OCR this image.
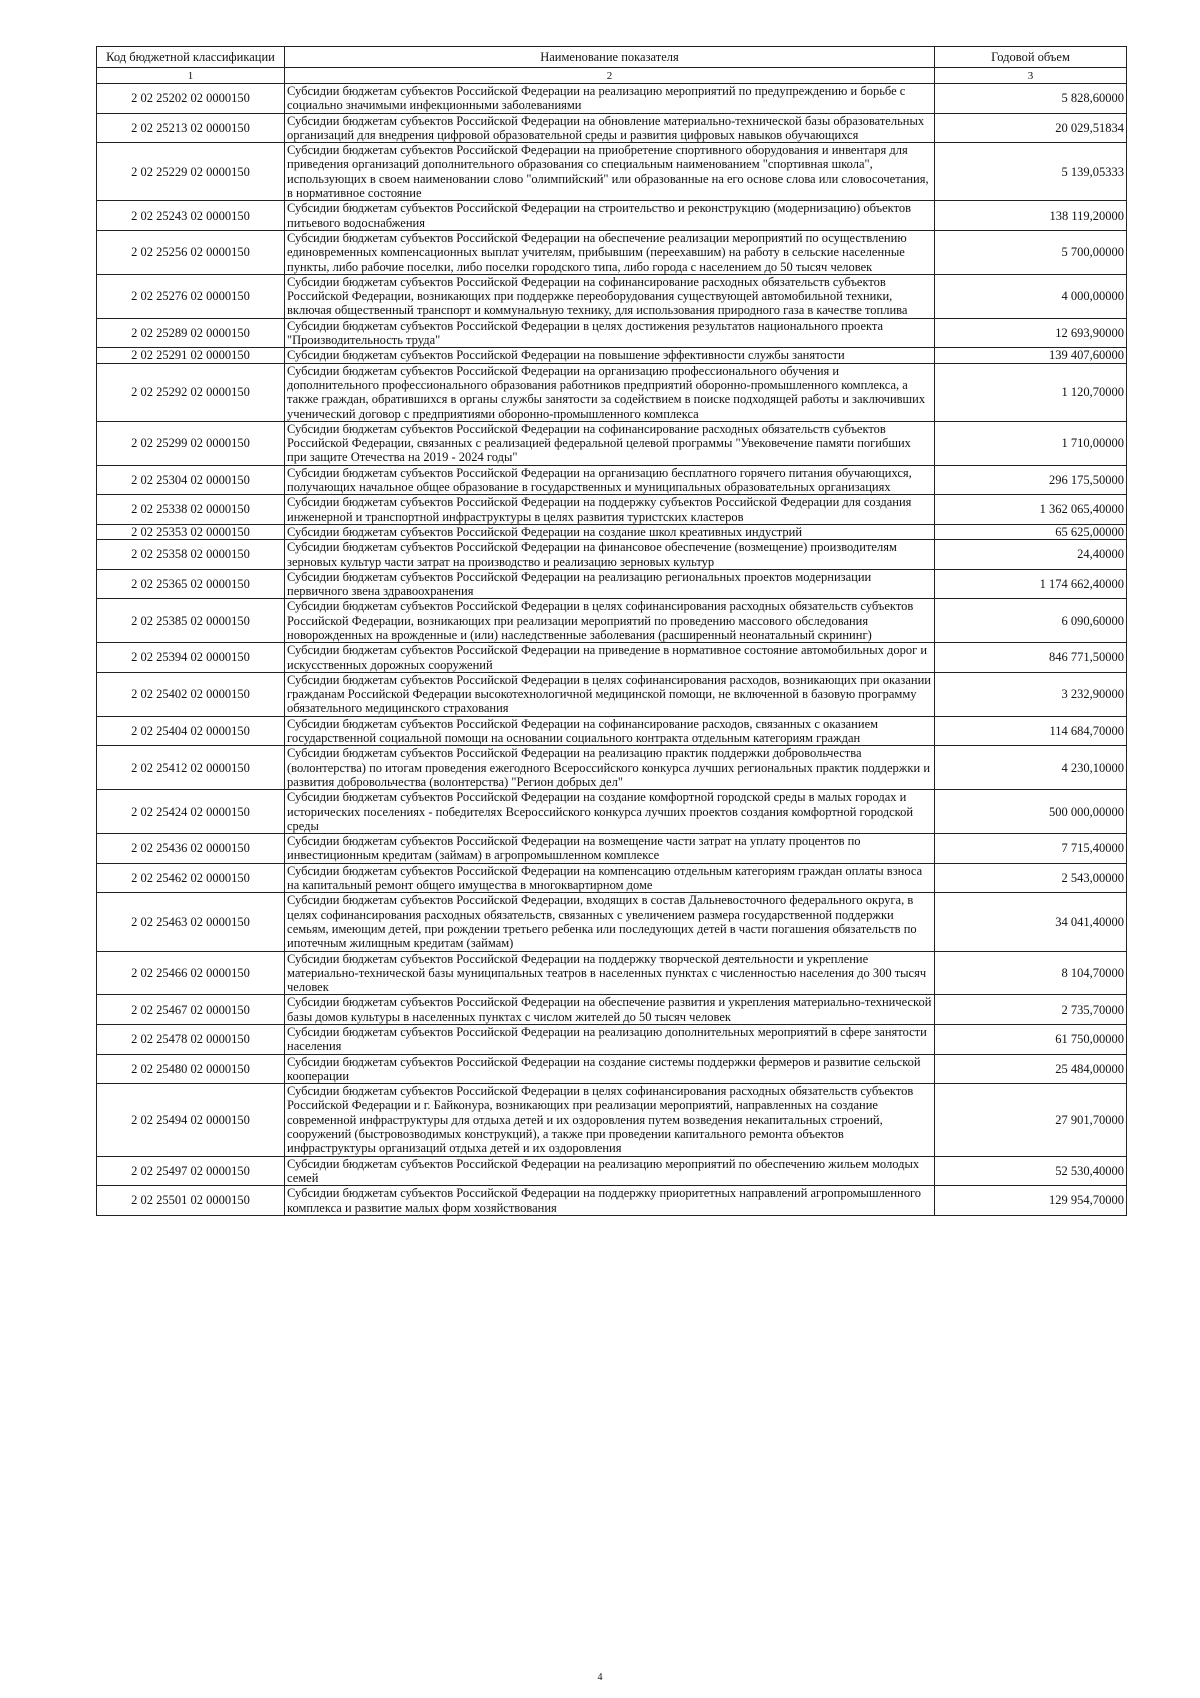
Код бюджетной классификации	Наименование показателя	Годовой объем
1	2	3
2 02 25202 02 0000150	Субсидии бюджетам субъектов Российской Федерации на реализацию мероприятий по предупреждению и борьбе с социально значимыми инфекционными заболеваниями	5 828,60000
2 02 25213 02 0000150	Субсидии бюджетам субъектов Российской Федерации на обновление материально-технической базы образовательных организаций для внедрения цифровой образовательной среды и развития цифровых навыков обучающихся	20 029,51834
2 02 25229 02 0000150	Субсидии бюджетам субъектов Российской Федерации на приобретение спортивного оборудования и инвентаря для приведения организаций дополнительного образования со специальным наименованием "спортивная школа", использующих в своем наименовании слово "олимпийский" или образованные на его основе слова или словосочетания, в нормативное состояние	5 139,05333
2 02 25243 02 0000150	Субсидии бюджетам субъектов Российской Федерации на строительство и реконструкцию (модернизацию) объектов питьевого водоснабжения	138 119,20000
2 02 25256 02 0000150	Субсидии бюджетам субъектов Российской Федерации на обеспечение реализации мероприятий по осуществлению единовременных компенсационных выплат учителям, прибывшим (переехавшим) на работу в сельские населенные пункты, либо рабочие поселки, либо поселки городского типа, либо города с населением до 50 тысяч человек	5 700,00000
2 02 25276 02 0000150	Субсидии бюджетам субъектов Российской Федерации на софинансирование расходных обязательств субъектов Российской Федерации, возникающих при поддержке переоборудования существующей автомобильной техники, включая общественный транспорт и коммунальную технику, для использования природного газа в качестве топлива	4 000,00000
2 02 25289 02 0000150	Субсидии бюджетам субъектов Российской Федерации в целях достижения результатов национального проекта "Производительность труда"	12 693,90000
2 02 25291 02 0000150	Субсидии бюджетам субъектов Российской Федерации на повышение эффективности службы занятости	139 407,60000
2 02 25292 02 0000150	Субсидии бюджетам субъектов Российской Федерации на организацию профессионального обучения и дополнительного профессионального образования работников предприятий оборонно-промышленного комплекса, а также граждан, обратившихся в органы службы занятости за содействием в поиске подходящей работы и заключивших ученический договор с предприятиями оборонно-промышленного комплекса	1 120,70000
2 02 25299 02 0000150	Субсидии бюджетам субъектов Российской Федерации на софинансирование расходных обязательств субъектов Российской Федерации, связанных с реализацией федеральной целевой программы "Увековечение памяти погибших при защите Отечества на 2019 - 2024 годы"	1 710,00000
2 02 25304 02 0000150	Субсидии бюджетам субъектов Российской Федерации на организацию бесплатного горячего питания обучающихся, получающих начальное общее образование в государственных и муниципальных образовательных организациях	296 175,50000
2 02 25338 02 0000150	Субсидии бюджетам субъектов Российской Федерации на поддержку субъектов Российской Федерации для создания инженерной и транспортной инфраструктуры в целях развития туристских кластеров	1 362 065,40000
2 02 25353 02 0000150	Субсидии бюджетам субъектов Российской Федерации на создание школ креативных индустрий	65 625,00000
2 02 25358 02 0000150	Субсидии бюджетам субъектов Российской Федерации на финансовое обеспечение (возмещение) производителям зерновых культур части затрат на производство и реализацию зерновых культур	24,40000
2 02 25365 02 0000150	Субсидии бюджетам субъектов Российской Федерации на реализацию региональных проектов модернизации первичного звена здравоохранения	1 174 662,40000
2 02 25385 02 0000150	Субсидии бюджетам субъектов Российской Федерации в целях софинансирования расходных обязательств субъектов Российской Федерации, возникающих при реализации мероприятий по проведению массового обследования новорожденных на врожденные и (или) наследственные заболевания (расширенный неонатальный скрининг)	6 090,60000
2 02 25394 02 0000150	Субсидии бюджетам субъектов Российской Федерации на приведение в нормативное состояние автомобильных дорог и искусственных дорожных сооружений	846 771,50000
2 02 25402 02 0000150	Субсидии бюджетам субъектов Российской Федерации в целях софинансирования расходов, возникающих при оказании гражданам Российской Федерации высокотехнологичной медицинской помощи, не включенной в базовую программу обязательного медицинского страхования	3 232,90000
2 02 25404 02 0000150	Субсидии бюджетам субъектов Российской Федерации на софинансирование расходов, связанных с оказанием государственной социальной помощи на основании социального контракта отдельным категориям граждан	114 684,70000
2 02 25412 02 0000150	Субсидии бюджетам субъектов Российской Федерации на реализацию практик поддержки добровольчества (волонтерства) по итогам проведения ежегодного Всероссийского конкурса лучших региональных практик поддержки и развития добровольчества (волонтерства) "Регион добрых дел"	4 230,10000
2 02 25424 02 0000150	Субсидии бюджетам субъектов Российской Федерации на создание комфортной городской среды в малых городах и исторических поселениях - победителях Всероссийского конкурса лучших проектов создания комфортной городской среды	500 000,00000
2 02 25436 02 0000150	Субсидии бюджетам субъектов Российской Федерации на возмещение части затрат на уплату процентов по инвестиционным кредитам (займам) в агропромышленном комплексе	7 715,40000
2 02 25462 02 0000150	Субсидии бюджетам субъектов Российской Федерации на компенсацию отдельным категориям граждан оплаты взноса на капитальный ремонт общего имущества в многоквартирном доме	2 543,00000
2 02 25463 02 0000150	Субсидии бюджетам субъектов Российской Федерации, входящих в состав Дальневосточного федерального округа, в целях софинансирования расходных обязательств, связанных с увеличением размера государственной поддержки семьям, имеющим детей, при рождении третьего ребенка или последующих детей в части погашения обязательств по ипотечным жилищным кредитам (займам)	34 041,40000
2 02 25466 02 0000150	Субсидии бюджетам субъектов Российской Федерации на поддержку творческой деятельности и укрепление материально-технической базы муниципальных театров в населенных пунктах с численностью населения до 300 тысяч человек	8 104,70000
2 02 25467 02 0000150	Субсидии бюджетам субъектов Российской Федерации на обеспечение развития и укрепления материально-технической базы домов культуры в населенных пунктах с числом жителей до 50 тысяч человек	2 735,70000
2 02 25478 02 0000150	Субсидии бюджетам субъектов Российской Федерации на реализацию дополнительных мероприятий в сфере занятости населения	61 750,00000
2 02 25480 02 0000150	Субсидии бюджетам субъектов Российской Федерации на создание системы поддержки фермеров и развитие сельской кооперации	25 484,00000
2 02 25494 02 0000150	Субсидии бюджетам субъектов Российской Федерации в целях софинансирования расходных обязательств субъектов Российской Федерации и г. Байконура, возникающих при реализации мероприятий, направленных на создание современной инфраструктуры для отдыха детей и их оздоровления путем возведения некапитальных строений, сооружений (быстровозводимых конструкций), а также при проведении капитального ремонта объектов инфраструктуры организаций отдыха детей и их оздоровления	27 901,70000
2 02 25497 02 0000150	Субсидии бюджетам субъектов Российской Федерации на реализацию мероприятий по обеспечению жильем молодых семей	52 530,40000
2 02 25501 02 0000150	Субсидии бюджетам субъектов Российской Федерации на поддержку приоритетных направлений агропромышленного комплекса и развитие малых форм хозяйствования	129 954,70000
4
